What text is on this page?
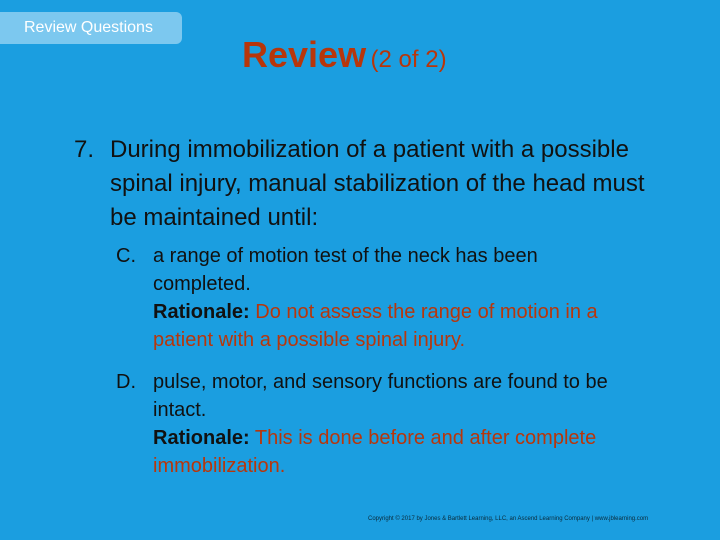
Review Questions
Review (2 of 2)
7. During immobilization of a patient with a possible spinal injury, manual stabilization of the head must be maintained until:
C. a range of motion test of the neck has been completed.
Rationale: Do not assess the range of motion in a patient with a possible spinal injury.
D. pulse, motor, and sensory functions are found to be intact.
Rationale: This is done before and after complete immobilization.
Copyright © 2017 by Jones & Bartlett Learning, LLC, an Ascend Learning Company | www.jblearning.com
